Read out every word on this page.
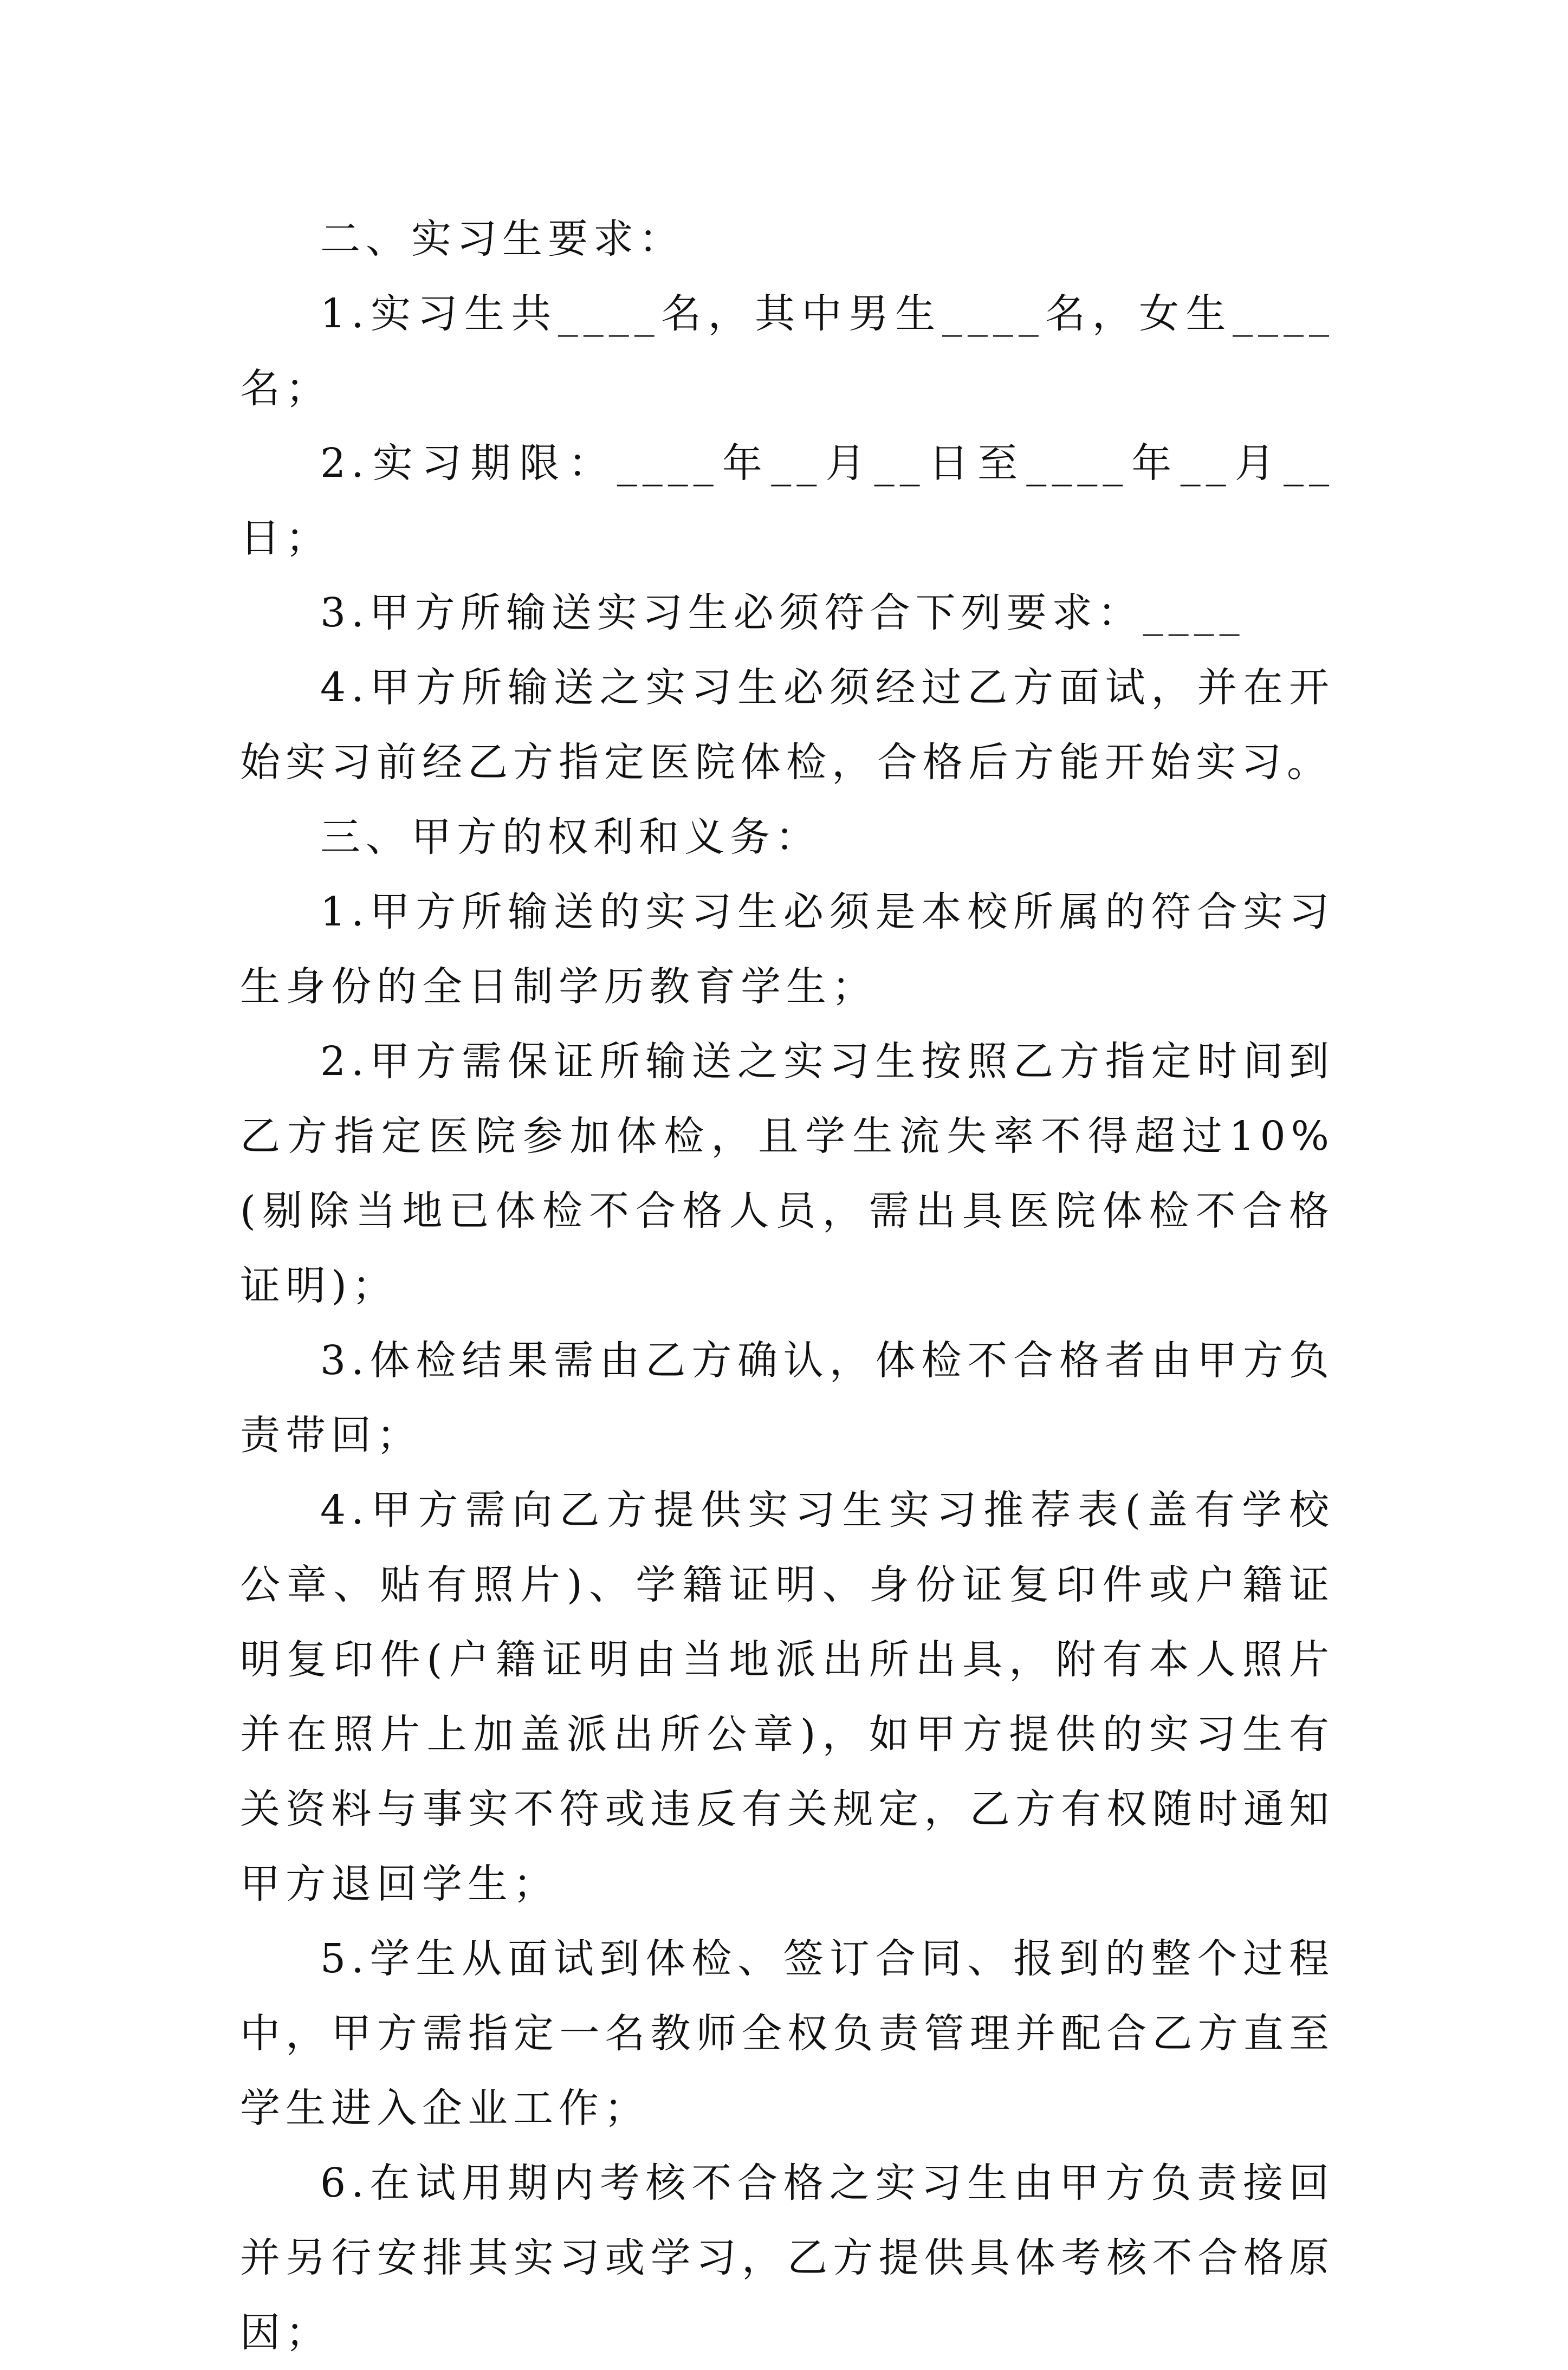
二、实习生要求：

1.实习生共____名，其中男生____名，女生____名；

2.实习期限：____年__月__日至____年__月__日；

3.甲方所输送实习生必须符合下列要求：____

4.甲方所输送之实习生必须经过乙方面试，并在开始实习前经乙方指定医院体检，合格后方能开始实习。

三、甲方的权利和义务：

1.甲方所输送的实习生必须是本校所属的符合实习生身份的全日制学历教育学生；

2.甲方需保证所输送之实习生按照乙方指定时间到乙方指定医院参加体检，且学生流失率不得超过10%(剔除当地已体检不合格人员，需出具医院体检不合格证明)；

3.体检结果需由乙方确认，体检不合格者由甲方负责带回；

4.甲方需向乙方提供实习生实习推荐表(盖有学校公章、贴有照片)、学籍证明、身份证复印件或户籍证明复印件(户籍证明由当地派出所出具，附有本人照片并在照片上加盖派出所公章)，如甲方提供的实习生有关资料与事实不符或违反有关规定，乙方有权随时通知甲方退回学生；

5.学生从面试到体检、签订合同、报到的整个过程中，甲方需指定一名教师全权负责管理并配合乙方直至学生进入企业工作；

6.在试用期内考核不合格之实习生由甲方负责接回并另行安排其实习或学习，乙方提供具体考核不合格原因；
